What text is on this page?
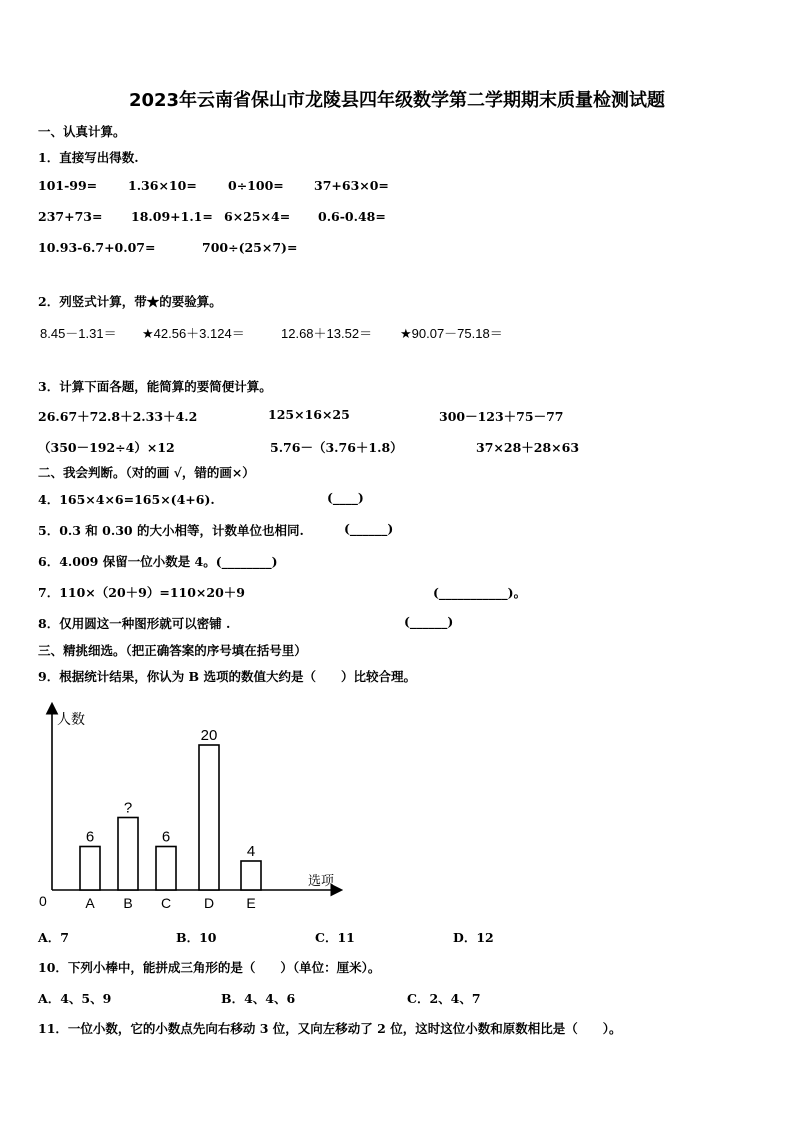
2023年云南省保山市龙陵县四年级数学第二学期期末质量检测试题
一、认真计算。
1．直接写出得数.
101-99= 1.36×10= 0÷100= 37+63×0=
237+73= 18.09+1.1= 6×25×4= 0.6-0.48=
10.93-6.7+0.07=	700÷(25×7)=
2．列竖式计算，带★的要验算。
8.45－1.31＝ ★42.56＋3.124＝	12.68＋13.52＝ ★90.07－75.18＝
3．计算下面各题，能简算的要简便计算。
26.67＋72.8＋2.33＋4.2	125×16×25	300－123＋75－77
（350－192÷4）×12	5.76－（3.76＋1.8）	37×28＋28×63
二、我会判断。（对的画 √，错的画×）
4．165×4×6=165×(4+6).	(____)
5．0.3 和 0.30 的大小相等，计数单位也相同.	(______)
6．4.009 保留一位小数是 4。(________)
7．110×（20＋9）=110×20＋9	(___________)。
8．仅用圆这一种图形就可以密铺 .	(______)
三、精挑细选。（把正确答案的序号填在括号里）
9．根据统计结果，你认为 B 选项的数值大约是（　　）比较合理。
人数
选项
0
6
A
?
B
6
C
20
D
4
E
A．7	B．10	C．11	D．12
10．下列小棒中，能拼成三角形的是（　　）（单位：厘米）。
A．4、5、9	B．4、4、6	C．2、4、7
11．一位小数，它的小数点先向右移动 3 位，又向左移动了 2 位，这时这位小数和原数相比是（　　）。
